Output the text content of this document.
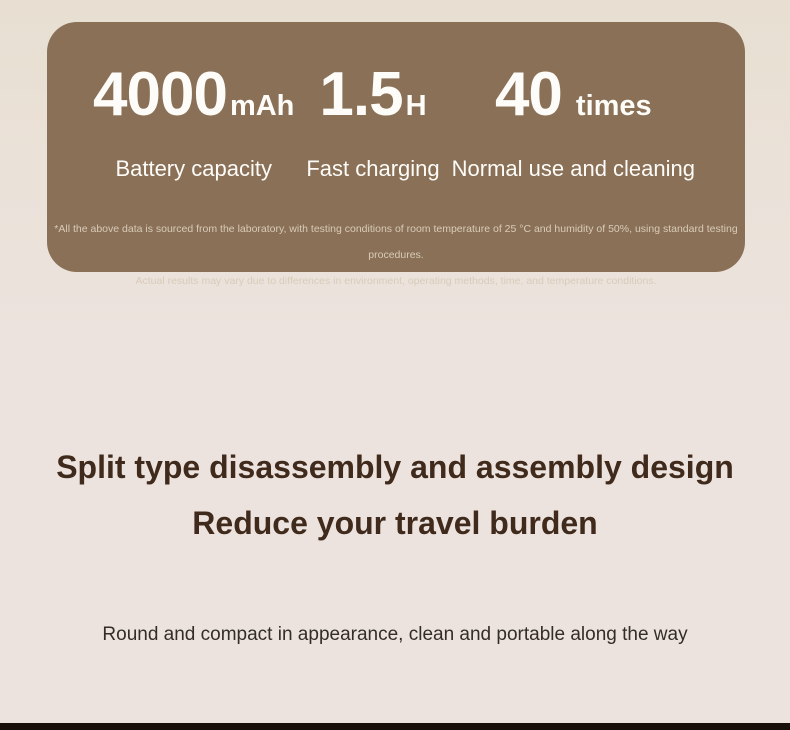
4000 mAh
Battery capacity
1.5 H
Fast charging
40 times
Normal use and cleaning
*All the above data is sourced from the laboratory, with testing conditions of room temperature of 25 °C and humidity of 50%, using standard testing procedures.
Actual results may vary due to differences in environment, operating methods, time, and temperature conditions.
Split type disassembly and assembly design
Reduce your travel burden

Round and compact in appearance, clean and portable along the way
